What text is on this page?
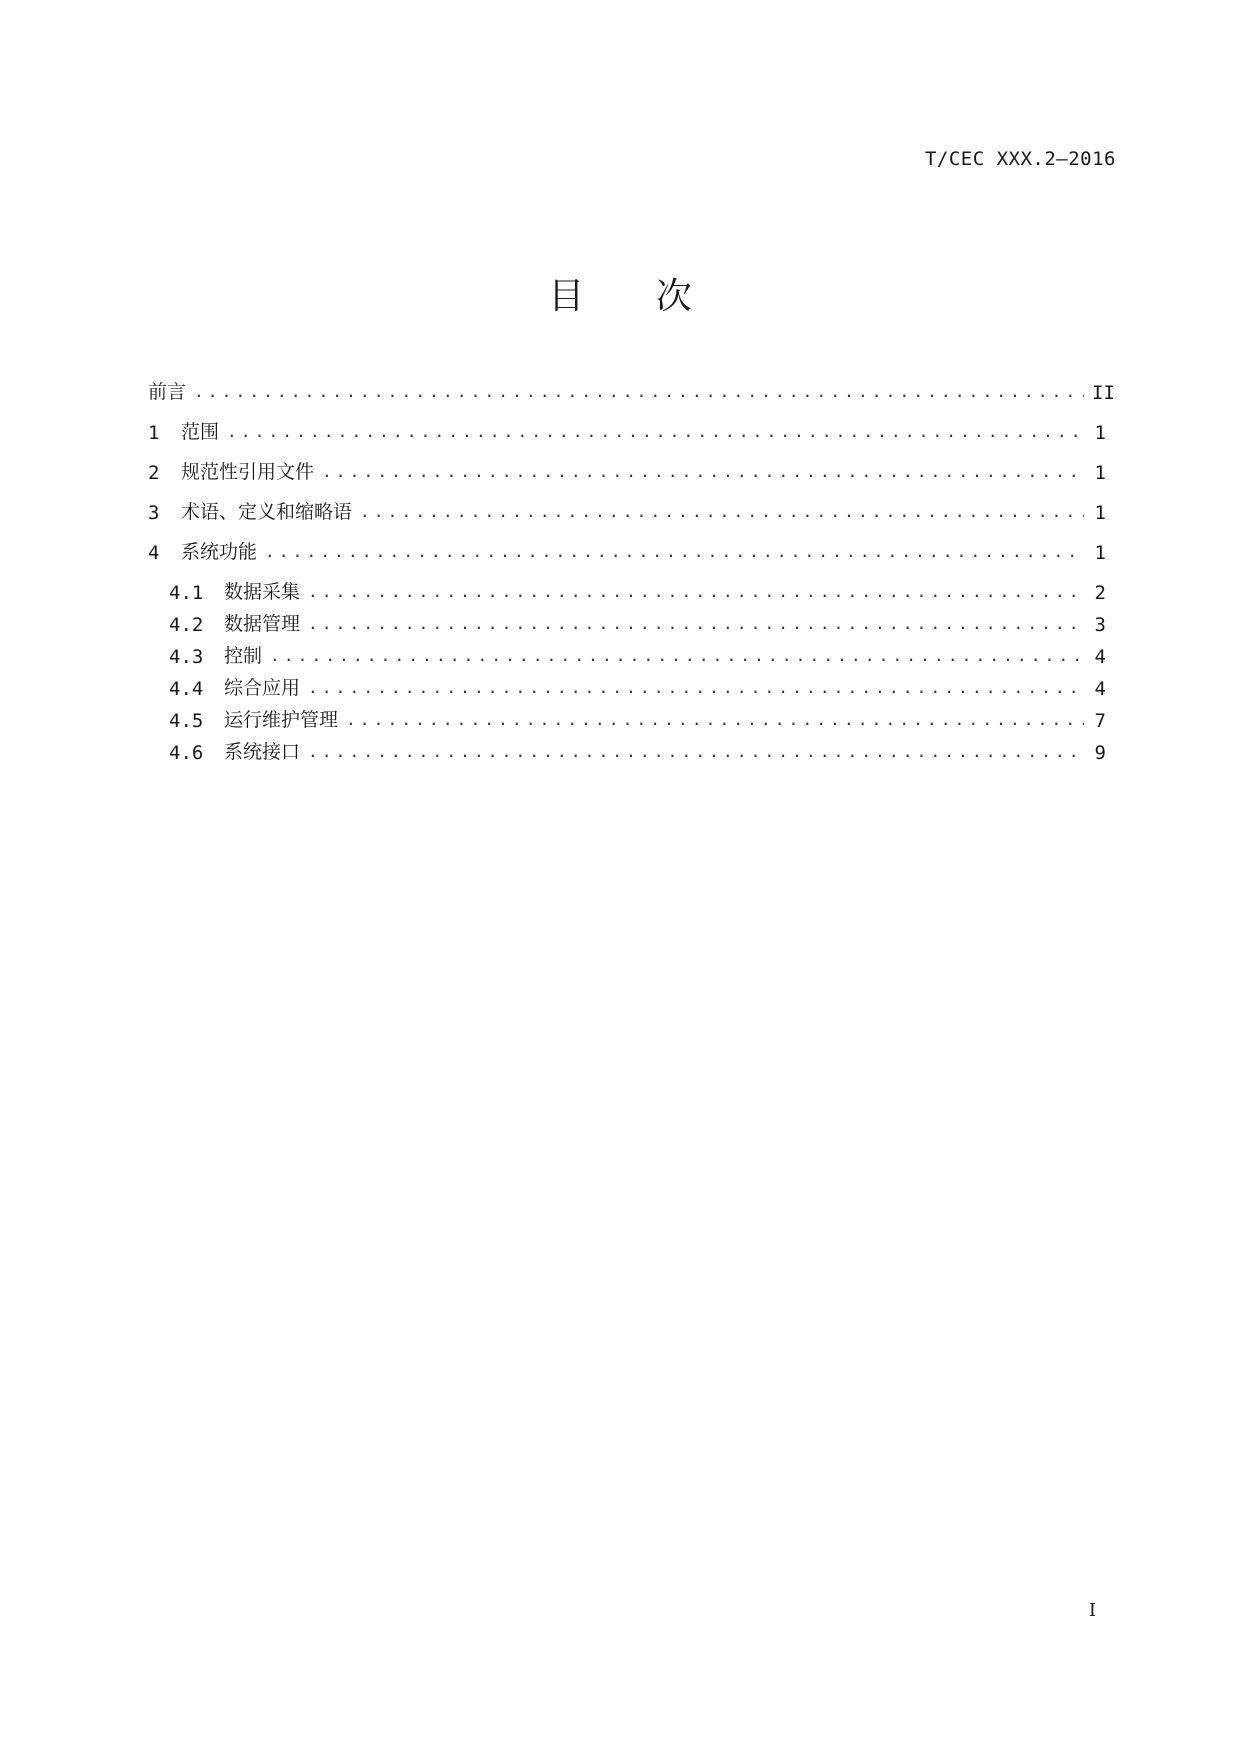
T/CEC XXX.2—2016
目 次
前言 .....	II
1	范围 .....	1
2	规范性引用文件 .....	1
3	术语、定义和缩略语 .....	1
4	系统功能 .....	1
4.1	数据采集 .....	2
4.2	数据管理 .....	3
4.3	控制 .....	4
4.4	综合应用 .....	4
4.5	运行维护管理 .....	7
4.6	系统接口 .....	9
I
